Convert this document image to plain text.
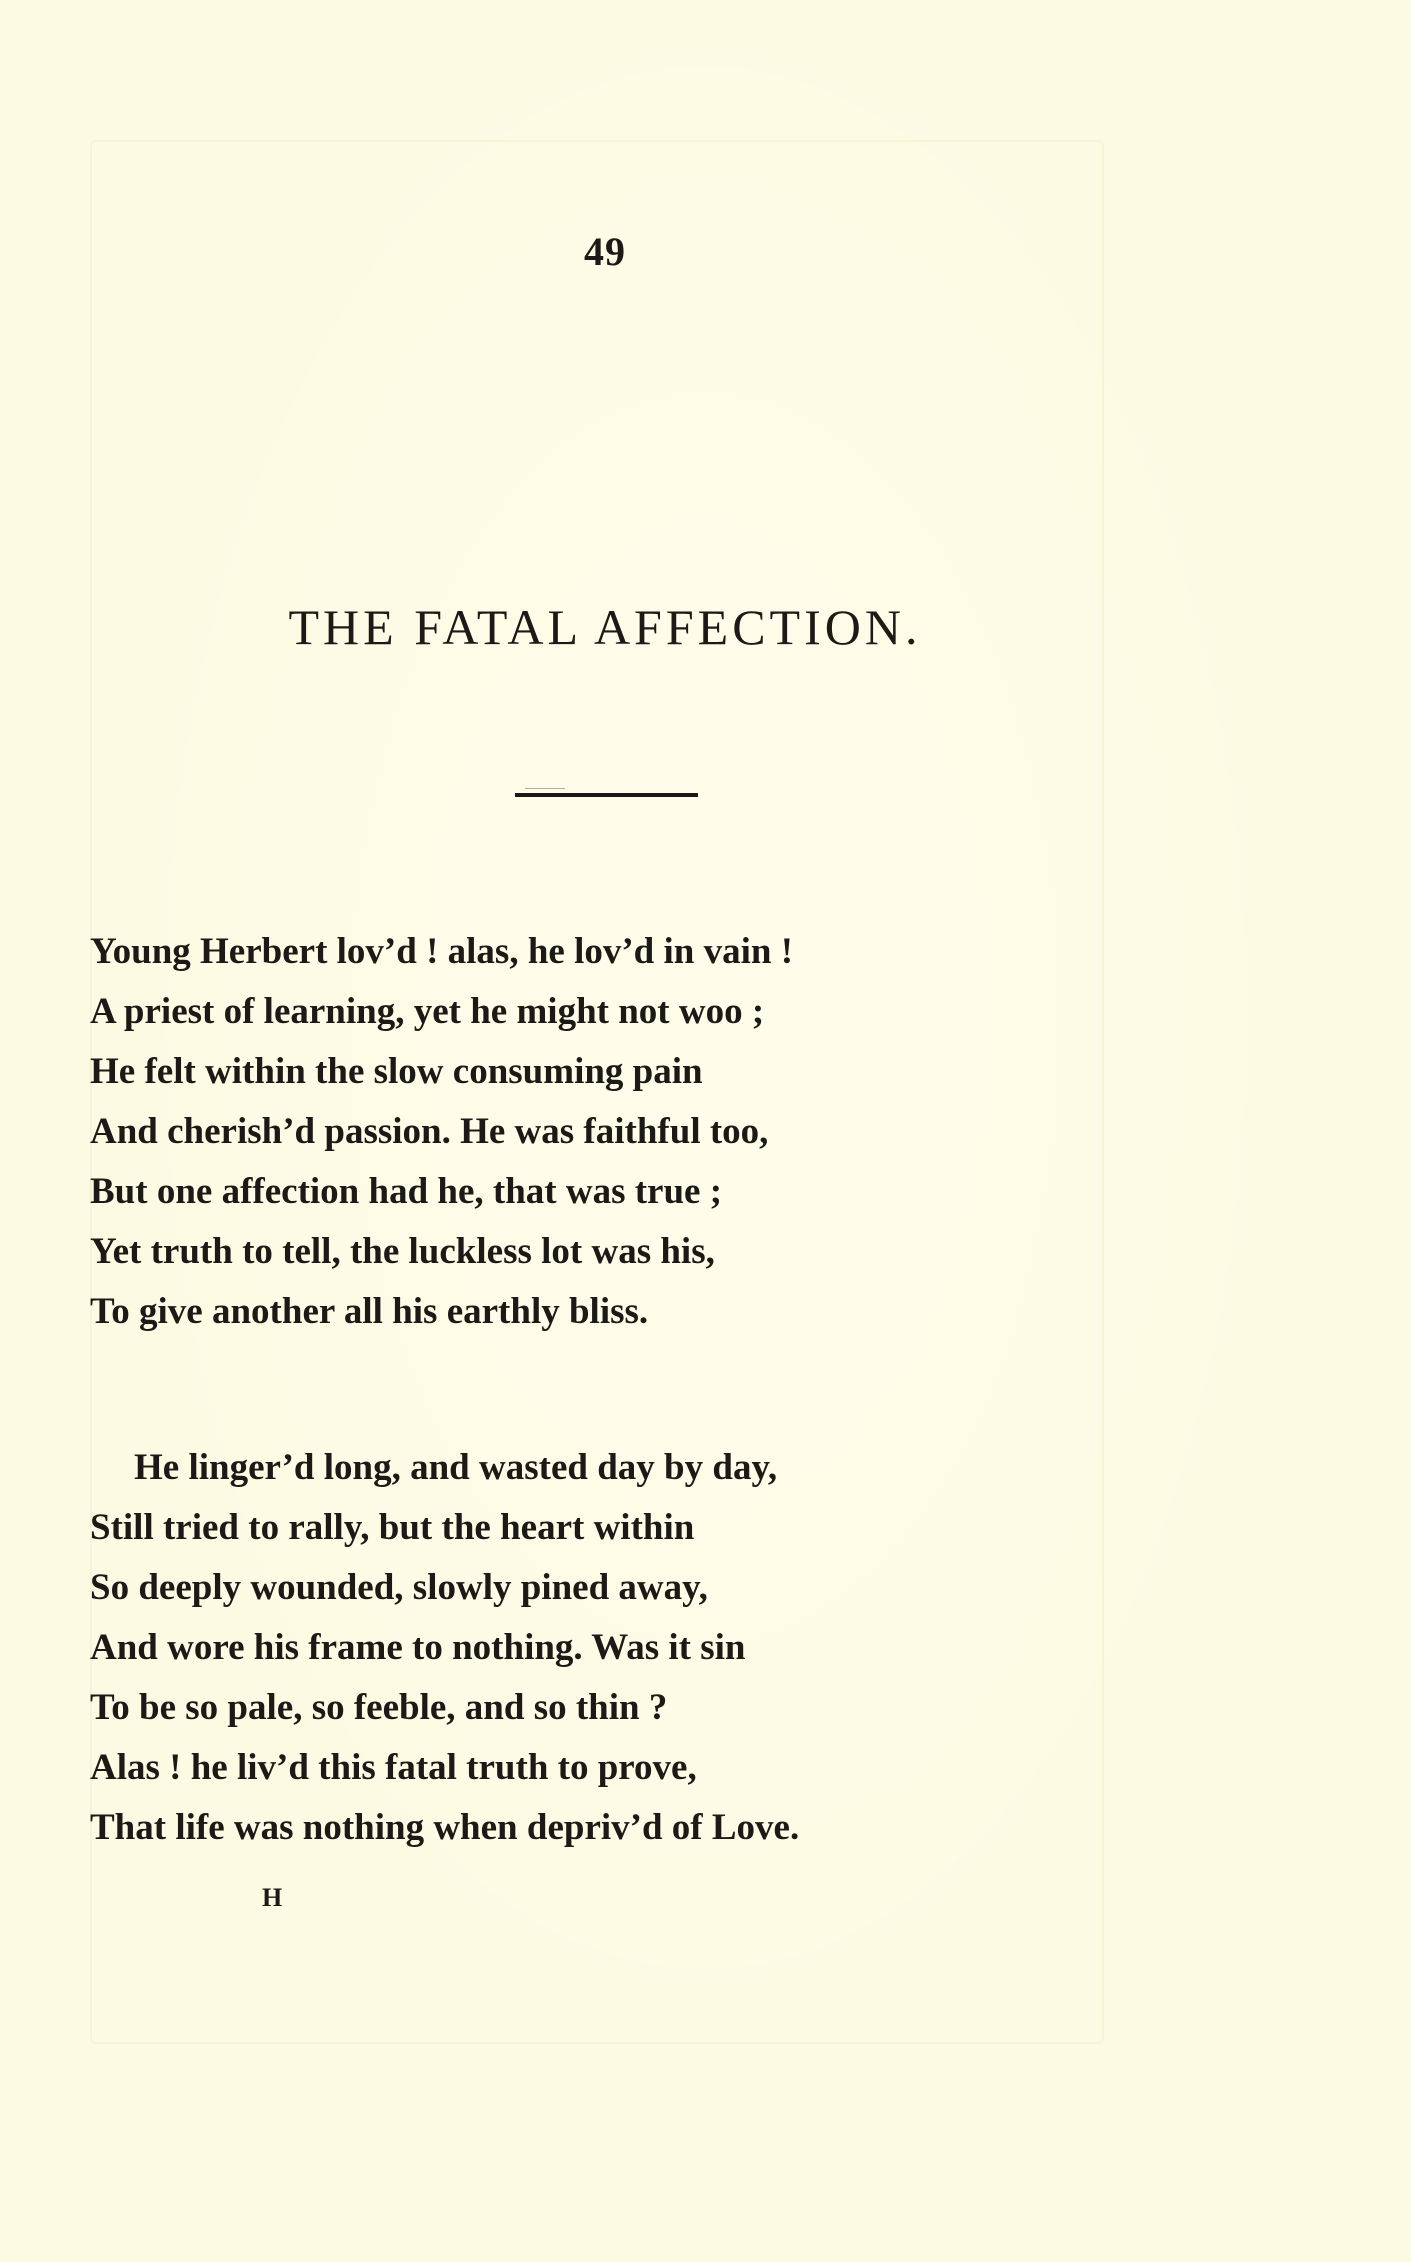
49
THE FATAL AFFECTION.
Young Herbert lov’d ! alas, he lov’d in vain !
A priest of learning, yet he might not woo ;
He felt within the slow consuming pain
And cherish’d passion. He was faithful too,
But one affection had he, that was true ;
Yet truth to tell, the luckless lot was his,
To give another all his earthly bliss.
He linger’d long, and wasted day by day,
Still tried to rally, but the heart within
So deeply wounded, slowly pined away,
And wore his frame to nothing. Was it sin
To be so pale, so feeble, and so thin ?
Alas ! he liv’d this fatal truth to prove,
That life was nothing when depriv’d of Love.
H
